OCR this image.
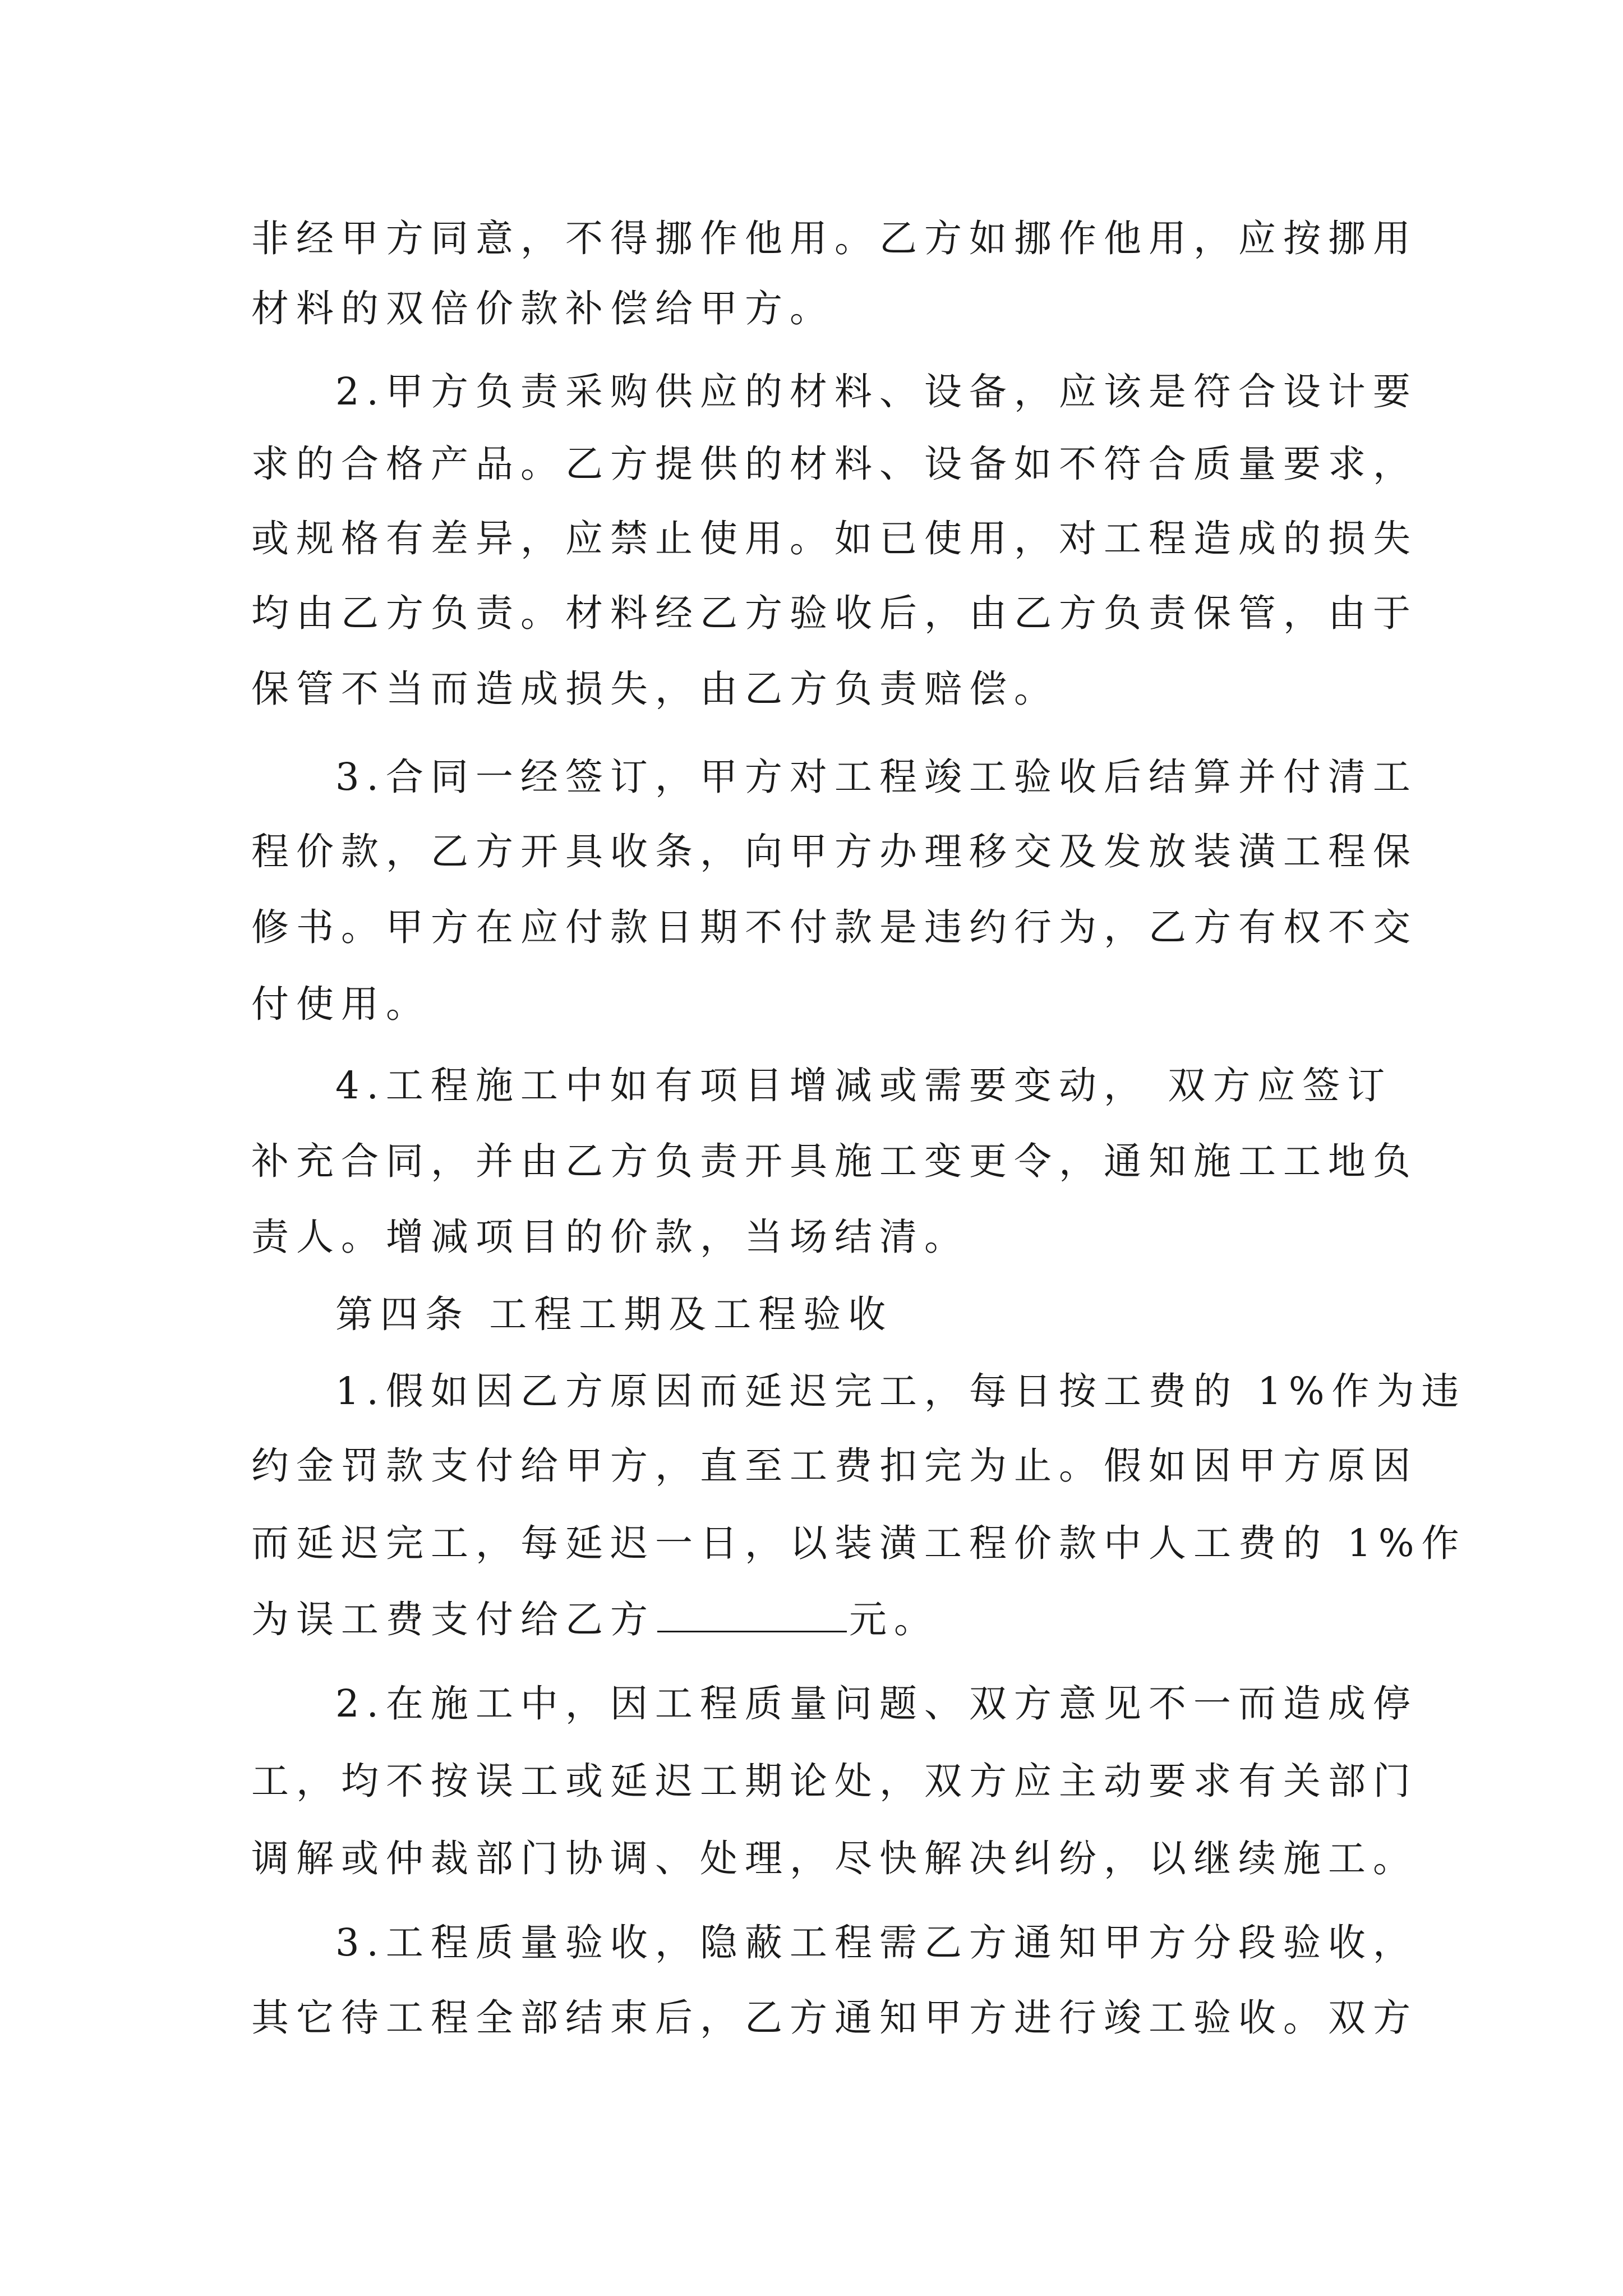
非经甲方同意，不得挪作他用。乙方如挪作他用，应按挪用
材料的双倍价款补偿给甲方。
2.甲方负责采购供应的材料、设备，应该是符合设计要
求的合格产品。乙方提供的材料、设备如不符合质量要求，
或规格有差异，应禁止使用。如已使用，对工程造成的损失
均由乙方负责。材料经乙方验收后，由乙方负责保管，由于
保管不当而造成损失，由乙方负责赔偿。
3.合同一经签订，甲方对工程竣工验收后结算并付清工
程价款，乙方开具收条，向甲方办理移交及发放装潢工程保
修书。甲方在应付款日期不付款是违约行为，乙方有权不交
付使用。
4.工程施工中如有项目增减或需要变动， 双方应签订
补充合同，并由乙方负责开具施工变更令，通知施工工地负
责人。增减项目的价款，当场结清。
第四条 工程工期及工程验收
1.假如因乙方原因而延迟完工，每日按工费的 1%作为违
约金罚款支付给甲方，直至工费扣完为止。假如因甲方原因
而延迟完工，每延迟一日，以装潢工程价款中人工费的 1%作
为误工费支付给乙方	元。
2.在施工中，因工程质量问题、双方意见不一而造成停
工，均不按误工或延迟工期论处，双方应主动要求有关部门
调解或仲裁部门协调、处理，尽快解决纠纷，以继续施工。
3.工程质量验收，隐蔽工程需乙方通知甲方分段验收，
其它待工程全部结束后，乙方通知甲方进行竣工验收。双方
